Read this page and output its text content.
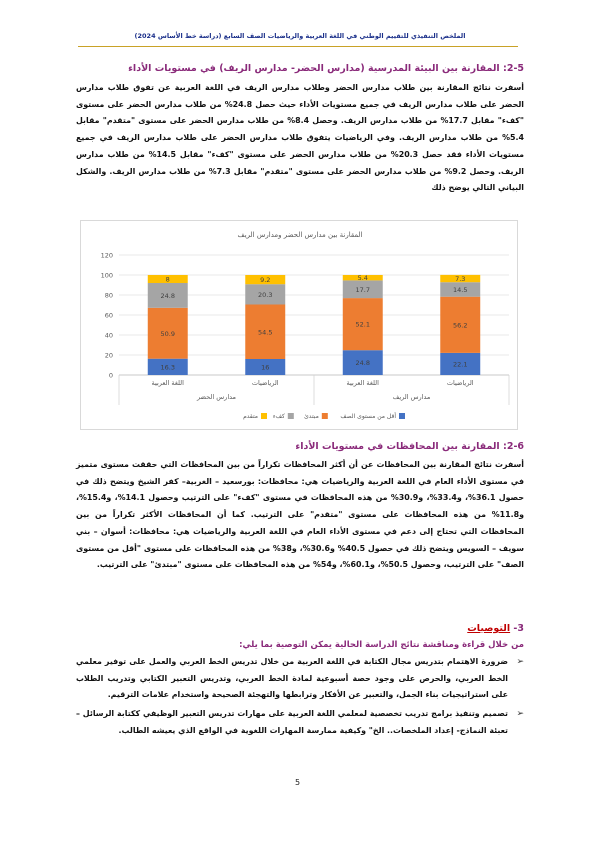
الملخص التنفيذي للتقييم الوطني في اللغة العربية والرياضيات الصف السابع (دراسة خط الأساس 2024)
2-5: المقارنة بين البيئة المدرسية (مدارس الحضر- مدارس الريف) في مستويات الأداء
أسفرت نتائج المقارنة بين طلاب مدارس الحضر وطلاب مدارس الريف في اللغة العربية عن تفوق طلاب مدارس الحضر على طلاب مدارس الريف في جميع مستويات الأداء حيث حصل 24.8% من طلاب مدارس الحضر على مستوى "كفء" مقابل 17.7% من طلاب مدارس الريف. وحصل 8.4% من طلاب مدارس الحضر على مستوى "متقدم" مقابل 5.4% من طلاب مدارس الريف. وفي الرياضيات يتفوق طلاب مدارس الحضر على طلاب مدارس الريف في جميع مستويات الأداء فقد حصل 20.3% من طلاب مدارس الحضر على مستوى "كفء" مقابل 14.5% من طلاب مدارس الريف. وحصل 9.2% من طلاب مدارس الحضر على مستوى "متقدم" مقابل 7.3% من طلاب مدارس الريف. والشكل البياني التالي يوضح ذلك
المقارنة بين مدارس الحضر ومدارس الريف
0
20
40
60
80
100
120
16.3
50.9
24.8
8
اللغة العربية
16
54.5
20.3
9.2
الرياضيات
24.8
52.1
17.7
5.4
اللغة العربية
22.1
56.2
14.5
7.3
الرياضيات
مدارس الحضر	مدارس الريف
أقل من مستوى الصف
مبتدئ
كفء
متقدم
2-6: المقارنة بين المحافظات في مستويات الأداء
أسفرت نتائج المقارنة بين المحافظات عن أن أكثر المحافظات تكراراً من بين المحافظات التي حققت مستوى متميز في مستوى الأداء العام في اللغة العربية والرياضيات هي: محافظات: بورسعيد – الغربية– كفر الشيخ ويتضح ذلك في حصول 36.1%، و33.4%، و30.9% من هذه المحافظات في مستوى "كفء" على الترتيب وحصول 14.1%، و15.4%، و11.8% من هذه المحافظات على مستوى "متقدم" على الترتيب. كما أن المحافظات الأكثر تكراراً من بين المحافظات التي تحتاج إلى دعم في مستوى الأداء العام في اللغة العربية والرياضيات هي: محافظات: أسوان – بني سويف – السويس ويتضح ذلك في حصول 40.5% و30.6%، و38% من هذه المحافظات على مستوى "أقل من مستوى الصف" على الترتيب، وحصول 50.5%، و60.1%، و54% من هذه المحافظات على مستوى "مبتدئ" على الترتيب.
3- التوصيات
من خلال قراءة ومناقشة نتائج الدراسة الحالية يمكن التوصية بما يلي:
➢
ضرورة الاهتمام بتدريس مجال الكتابة في اللغة العربية من خلال تدريس الخط العربي والعمل على توفير معلمي الخط العربي، والحرص على وجود حصة أسبوعية لمادة الخط العربي، وتدريس التعبير الكتابي وتدريب الطلاب على استراتيجيات بناء الجمل، والتعبير عن الأفكار وترابطها والتهجئة الصحيحة واستخدام علامات الترقيم.
➢
تصميم وتنفيذ برامج تدريب تخصصية لمعلمي اللغة العربية على مهارات تدريس التعبير الوظيفي ككتابة الرسائل – تعبئة النماذج- إعداد الملخصات.. الخ" وكيفية ممارسة المهارات اللغوية في الواقع الذي يعيشه الطالب.
5
